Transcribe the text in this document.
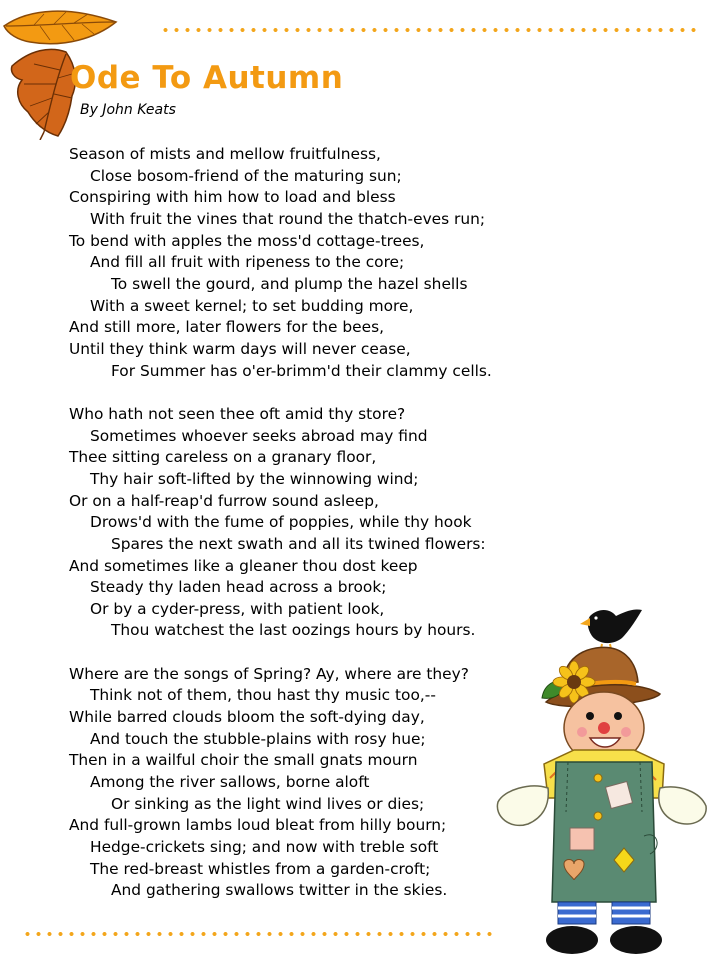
Ode To Autumn
By John Keats
Season of mists and mellow fruitfulness,
Close bosom-friend of the maturing sun;
Conspiring with him how to load and bless
With fruit the vines that round the thatch-eves run;
To bend with apples the moss'd cottage-trees,
And fill all fruit with ripeness to the core;
To swell the gourd, and plump the hazel shells
With a sweet kernel; to set budding more,
And still more, later flowers for the bees,
Until they think warm days will never cease,
For Summer has o'er-brimm'd their clammy cells.
Who hath not seen thee oft amid thy store?
Sometimes whoever seeks abroad may find
Thee sitting careless on a granary floor,
Thy hair soft-lifted by the winnowing wind;
Or on a half-reap'd furrow sound asleep,
Drows'd with the fume of poppies, while thy hook
Spares the next swath and all its twined flowers:
And sometimes like a gleaner thou dost keep
Steady thy laden head across a brook;
Or by a cyder-press, with patient look,
Thou watchest the last oozings hours by hours.
Where are the songs of Spring? Ay, where are they?
Think not of them, thou hast thy music too,--
While barred clouds bloom the soft-dying day,
And touch the stubble-plains with rosy hue;
Then in a wailful choir the small gnats mourn
Among the river sallows, borne aloft
Or sinking as the light wind lives or dies;
And full-grown lambs loud bleat from hilly bourn;
Hedge-crickets sing; and now with treble soft
The red-breast whistles from a garden-croft;
And gathering swallows twitter in the skies.
